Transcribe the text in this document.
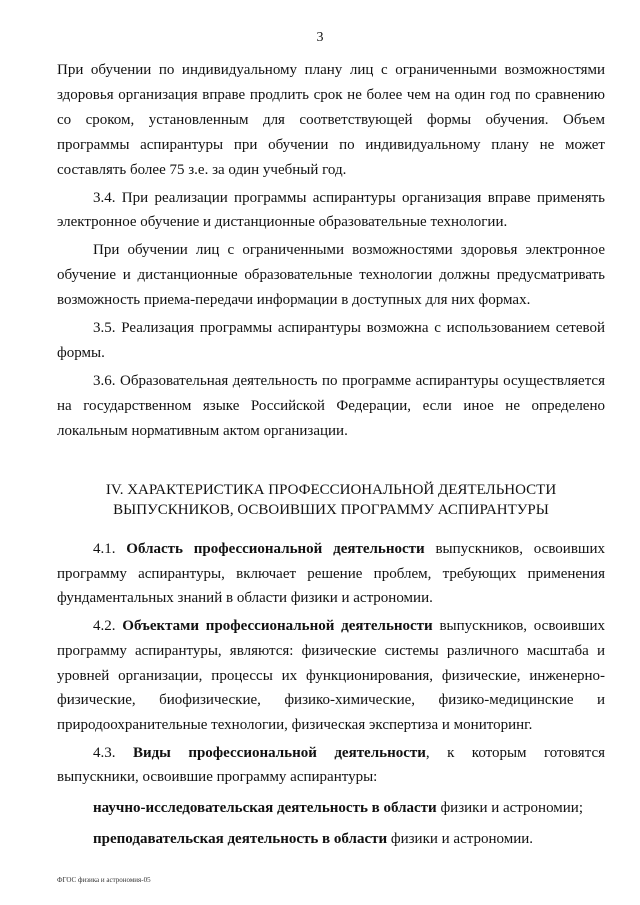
3

При обучении по индивидуальному плану лиц с ограниченными возможностями здоровья организация вправе продлить срок не более чем на один год по сравнению со сроком, установленным для соответствующей формы обучения. Объем программы аспирантуры при обучении по индивидуальному плану не может составлять более 75 з.е. за один учебный год.

3.4. При реализации программы аспирантуры организация вправе применять электронное обучение и дистанционные образовательные технологии.

При обучении лиц с ограниченными возможностями здоровья электронное обучение и дистанционные образовательные технологии должны предусматривать возможность приема-передачи информации в доступных для них формах.

3.5. Реализация программы аспирантуры возможна с использованием сетевой формы.

3.6. Образовательная деятельность по программе аспирантуры осуществляется на государственном языке Российской Федерации, если иное не определено локальным нормативным актом организации.

IV. ХАРАКТЕРИСТИКА ПРОФЕССИОНАЛЬНОЙ ДЕЯТЕЛЬНОСТИ
ВЫПУСКНИКОВ, ОСВОИВШИХ ПРОГРАММУ АСПИРАНТУРЫ

4.1. Область профессиональной деятельности выпускников, освоивших программу аспирантуры, включает решение проблем, требующих применения фундаментальных знаний в области физики и астрономии.

4.2. Объектами профессиональной деятельности выпускников, освоивших программу аспирантуры, являются: физические системы различного масштаба и уровней организации, процессы их функционирования, физические, инженерно-физические, биофизические, физико-химические, физико-медицинские и природоохранительные технологии, физическая экспертиза и мониторинг.

4.3. Виды профессиональной деятельности, к которым готовятся выпускники, освоившие программу аспирантуры:

научно-исследовательская деятельность в области физики и астрономии;

преподавательская деятельность в области физики и астрономии.

ФГОС физика и астрономия-05
